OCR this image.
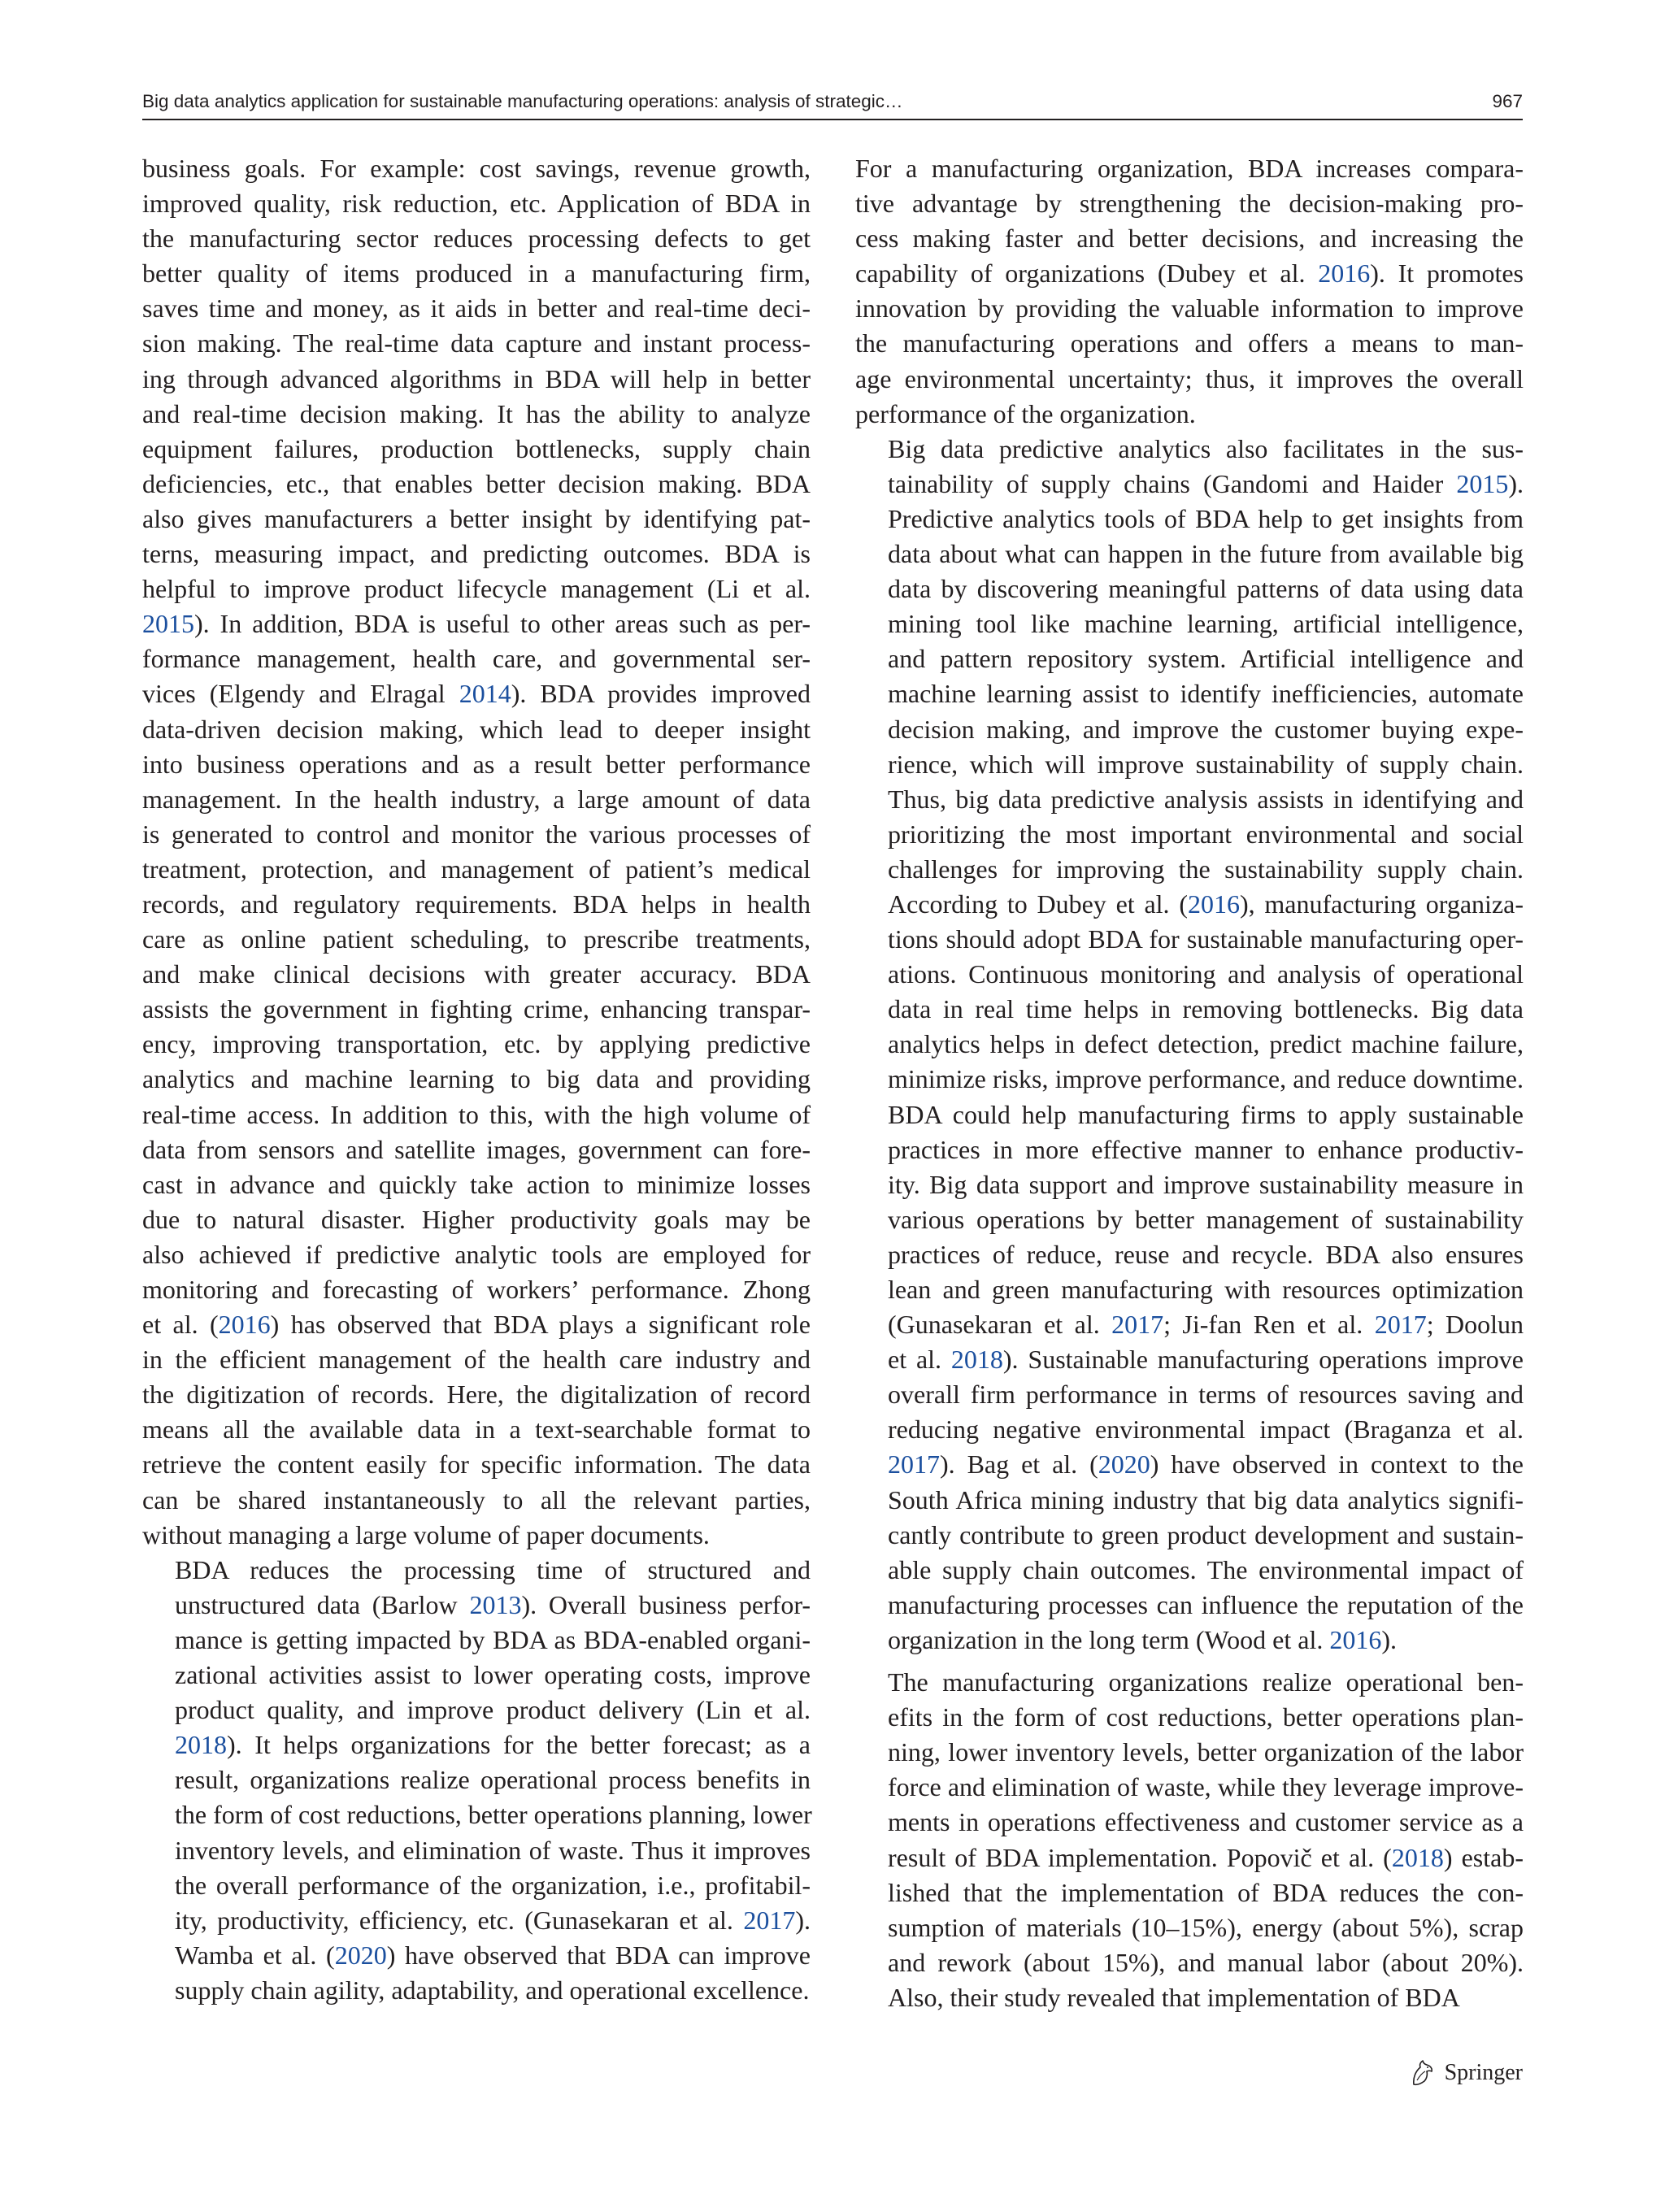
Big data analytics application for sustainable manufacturing operations: analysis of strategic…	967

business goals. For example: cost savings, revenue growth,
improved quality, risk reduction, etc. Application of BDA in
the manufacturing sector reduces processing defects to get
better quality of items produced in a manufacturing firm,
saves time and money, as it aids in better and real-time deci-
sion making. The real-time data capture and instant process-
ing through advanced algorithms in BDA will help in better
and real-time decision making. It has the ability to analyze
equipment failures, production bottlenecks, supply chain
deficiencies, etc., that enables better decision making. BDA
also gives manufacturers a better insight by identifying pat-
terns, measuring impact, and predicting outcomes. BDA is
helpful to improve product lifecycle management (Li et al.
2015). In addition, BDA is useful to other areas such as per-
formance management, health care, and governmental ser-
vices (Elgendy and Elragal 2014). BDA provides improved
data-driven decision making, which lead to deeper insight
into business operations and as a result better performance
management. In the health industry, a large amount of data
is generated to control and monitor the various processes of
treatment, protection, and management of patient’s medical
records, and regulatory requirements. BDA helps in health
care as online patient scheduling, to prescribe treatments,
and make clinical decisions with greater accuracy. BDA
assists the government in fighting crime, enhancing transpar-
ency, improving transportation, etc. by applying predictive
analytics and machine learning to big data and providing
real-time access. In addition to this, with the high volume of
data from sensors and satellite images, government can fore-
cast in advance and quickly take action to minimize losses
due to natural disaster. Higher productivity goals may be
also achieved if predictive analytic tools are employed for
monitoring and forecasting of workers’ performance. Zhong
et al. (2016) has observed that BDA plays a significant role
in the efficient management of the health care industry and
the digitization of records. Here, the digitalization of record
means all the available data in a text-searchable format to
retrieve the content easily for specific information. The data
can be shared instantaneously to all the relevant parties,
without managing a large volume of paper documents.

BDA reduces the processing time of structured and
unstructured data (Barlow 2013). Overall business perfor-
mance is getting impacted by BDA as BDA-enabled organi-
zational activities assist to lower operating costs, improve
product quality, and improve product delivery (Lin et al.
2018). It helps organizations for the better forecast; as a
result, organizations realize operational process benefits in
the form of cost reductions, better operations planning, lower
inventory levels, and elimination of waste. Thus it improves
the overall performance of the organization, i.e., profitabil-
ity, productivity, efficiency, etc. (Gunasekaran et al. 2017).
Wamba et al. (2020) have observed that BDA can improve
supply chain agility, adaptability, and operational excellence.

For a manufacturing organization, BDA increases compara-
tive advantage by strengthening the decision-making pro-
cess making faster and better decisions, and increasing the
capability of organizations (Dubey et al. 2016). It promotes
innovation by providing the valuable information to improve
the manufacturing operations and offers a means to man-
age environmental uncertainty; thus, it improves the overall
performance of the organization.

Big data predictive analytics also facilitates in the sus-
tainability of supply chains (Gandomi and Haider 2015).
Predictive analytics tools of BDA help to get insights from
data about what can happen in the future from available big
data by discovering meaningful patterns of data using data
mining tool like machine learning, artificial intelligence,
and pattern repository system. Artificial intelligence and
machine learning assist to identify inefficiencies, automate
decision making, and improve the customer buying expe-
rience, which will improve sustainability of supply chain.
Thus, big data predictive analysis assists in identifying and
prioritizing the most important environmental and social
challenges for improving the sustainability supply chain.
According to Dubey et al. (2016), manufacturing organiza-
tions should adopt BDA for sustainable manufacturing oper-
ations. Continuous monitoring and analysis of operational
data in real time helps in removing bottlenecks. Big data
analytics helps in defect detection, predict machine failure,
minimize risks, improve performance, and reduce downtime.
BDA could help manufacturing firms to apply sustainable
practices in more effective manner to enhance productiv-
ity. Big data support and improve sustainability measure in
various operations by better management of sustainability
practices of reduce, reuse and recycle. BDA also ensures
lean and green manufacturing with resources optimization
(Gunasekaran et al. 2017; Ji-fan Ren et al. 2017; Doolun
et al. 2018). Sustainable manufacturing operations improve
overall firm performance in terms of resources saving and
reducing negative environmental impact (Braganza et al.
2017). Bag et al. (2020) have observed in context to the
South Africa mining industry that big data analytics signifi-
cantly contribute to green product development and sustain-
able supply chain outcomes. The environmental impact of
manufacturing processes can influence the reputation of the
organization in the long term (Wood et al. 2016).

The manufacturing organizations realize operational ben-
efits in the form of cost reductions, better operations plan-
ning, lower inventory levels, better organization of the labor
force and elimination of waste, while they leverage improve-
ments in operations effectiveness and customer service as a
result of BDA implementation. Popovič et al. (2018) estab-
lished that the implementation of BDA reduces the con-
sumption of materials (10–15%), energy (about 5%), scrap
and rework (about 15%), and manual labor (about 20%).
Also, their study revealed that implementation of BDA

Springer
